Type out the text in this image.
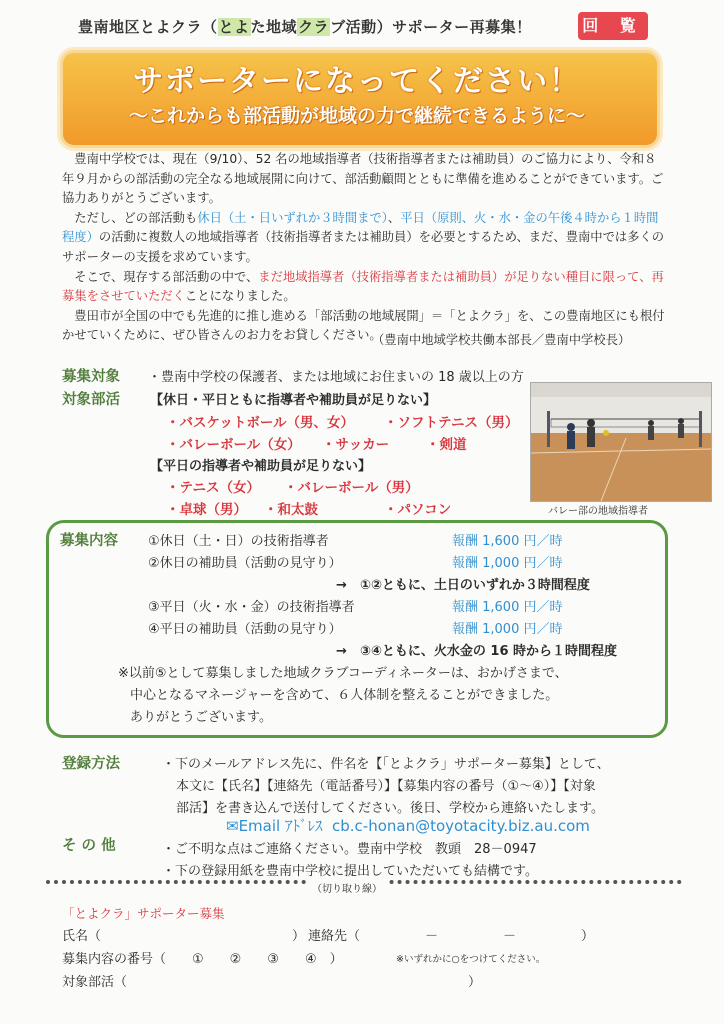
豊南地区とよクラ（とよた地域クラブ活動）サポーター再募集！	回 覧
サポーターになってください！
～これからも部活動が地域の力で継続できるように～

豊南中学校では、現在（9/10）、52 名の地域指導者（技術指導者または補助員）のご協力により、令和８年９月からの部活動の完全なる地域展開に向けて、部活動顧問とともに準備を進めることができています。ご協力ありがとうございます。

ただし、どの部活動も休日（土・日いずれか３時間まで）、平日（原則、火・水・金の午後４時から１時間程度）の活動に複数人の地域指導者（技術指導者または補助員）を必要とするため、まだ、豊南中では多くのサポーターの支援を求めています。

そこで、現存する部活動の中で、まだ地域指導者（技術指導者または補助員）が足りない種目に限って、再募集をさせていただくことになりました。

豊田市が全国の中でも先進的に推し進める「部活動の地域展開」＝「とよクラ」を、この豊南地区にも根付かせていくために、ぜひ皆さんのお力をお貸しください。

（豊南中地域学校共働本部長／豊南中学校長）
募集対象 ・豊南中学校の保護者、または地域にお住まいの 18 歳以上の方
対象部活 【休日・平日ともに指導者や補助員が足りない】
・バスケットボール（男、女） ・ソフトテニス（男）
・バレーボール（女） ・サッカー	・剣道
【平日の指導者や補助員が足りない】
・テニス（女） ・バレーボール（男）
・卓球（男） ・和太鼓	・パソコン	バレー部の地域指導者
募集内容 ①休日（土・日）の技術指導者	報酬 1,600 円／時
②休日の補助員（活動の見守り）	報酬 1,000 円／時
→　①②ともに、土日のいずれか３時間程度
③平日（火・水・金）の技術指導者	報酬 1,600 円／時
④平日の補助員（活動の見守り）	報酬 1,000 円／時
→　③④ともに、火水金の 16 時から１時間程度
※以前⑤として募集しました地域クラブコーディネーターは、おかげさまで、
中心となるマネージャーを含めて、６人体制を整えることができました。
ありがとうございます。
登録方法	・下のメールアドレス先に、件名を【「とよクラ」サポーター募集】として、
本文に【氏名】【連絡先（電話番号）】【募集内容の番号（①～④）】【対象
部活】を書き込んで送付してください。後日、学校から連絡いたします。
✉Email ｱﾄﾞﾚｽ cb.c-honan@toyotacity.biz.au.com
そ の 他	・ご不明な点はご連絡ください。豊南中学校　教頭　28－0947
・下の登録用紙を豊南中学校に提出していただいても結構です。
（切り取り線）
「とよクラ」サポーター募集
氏名（	） 連絡先（　　　　　－　　　　　－　　　　　）
募集内容の番号（　　①　　②　　③　　④　）	※いずれかに○をつけてください。
対象部活（	）
